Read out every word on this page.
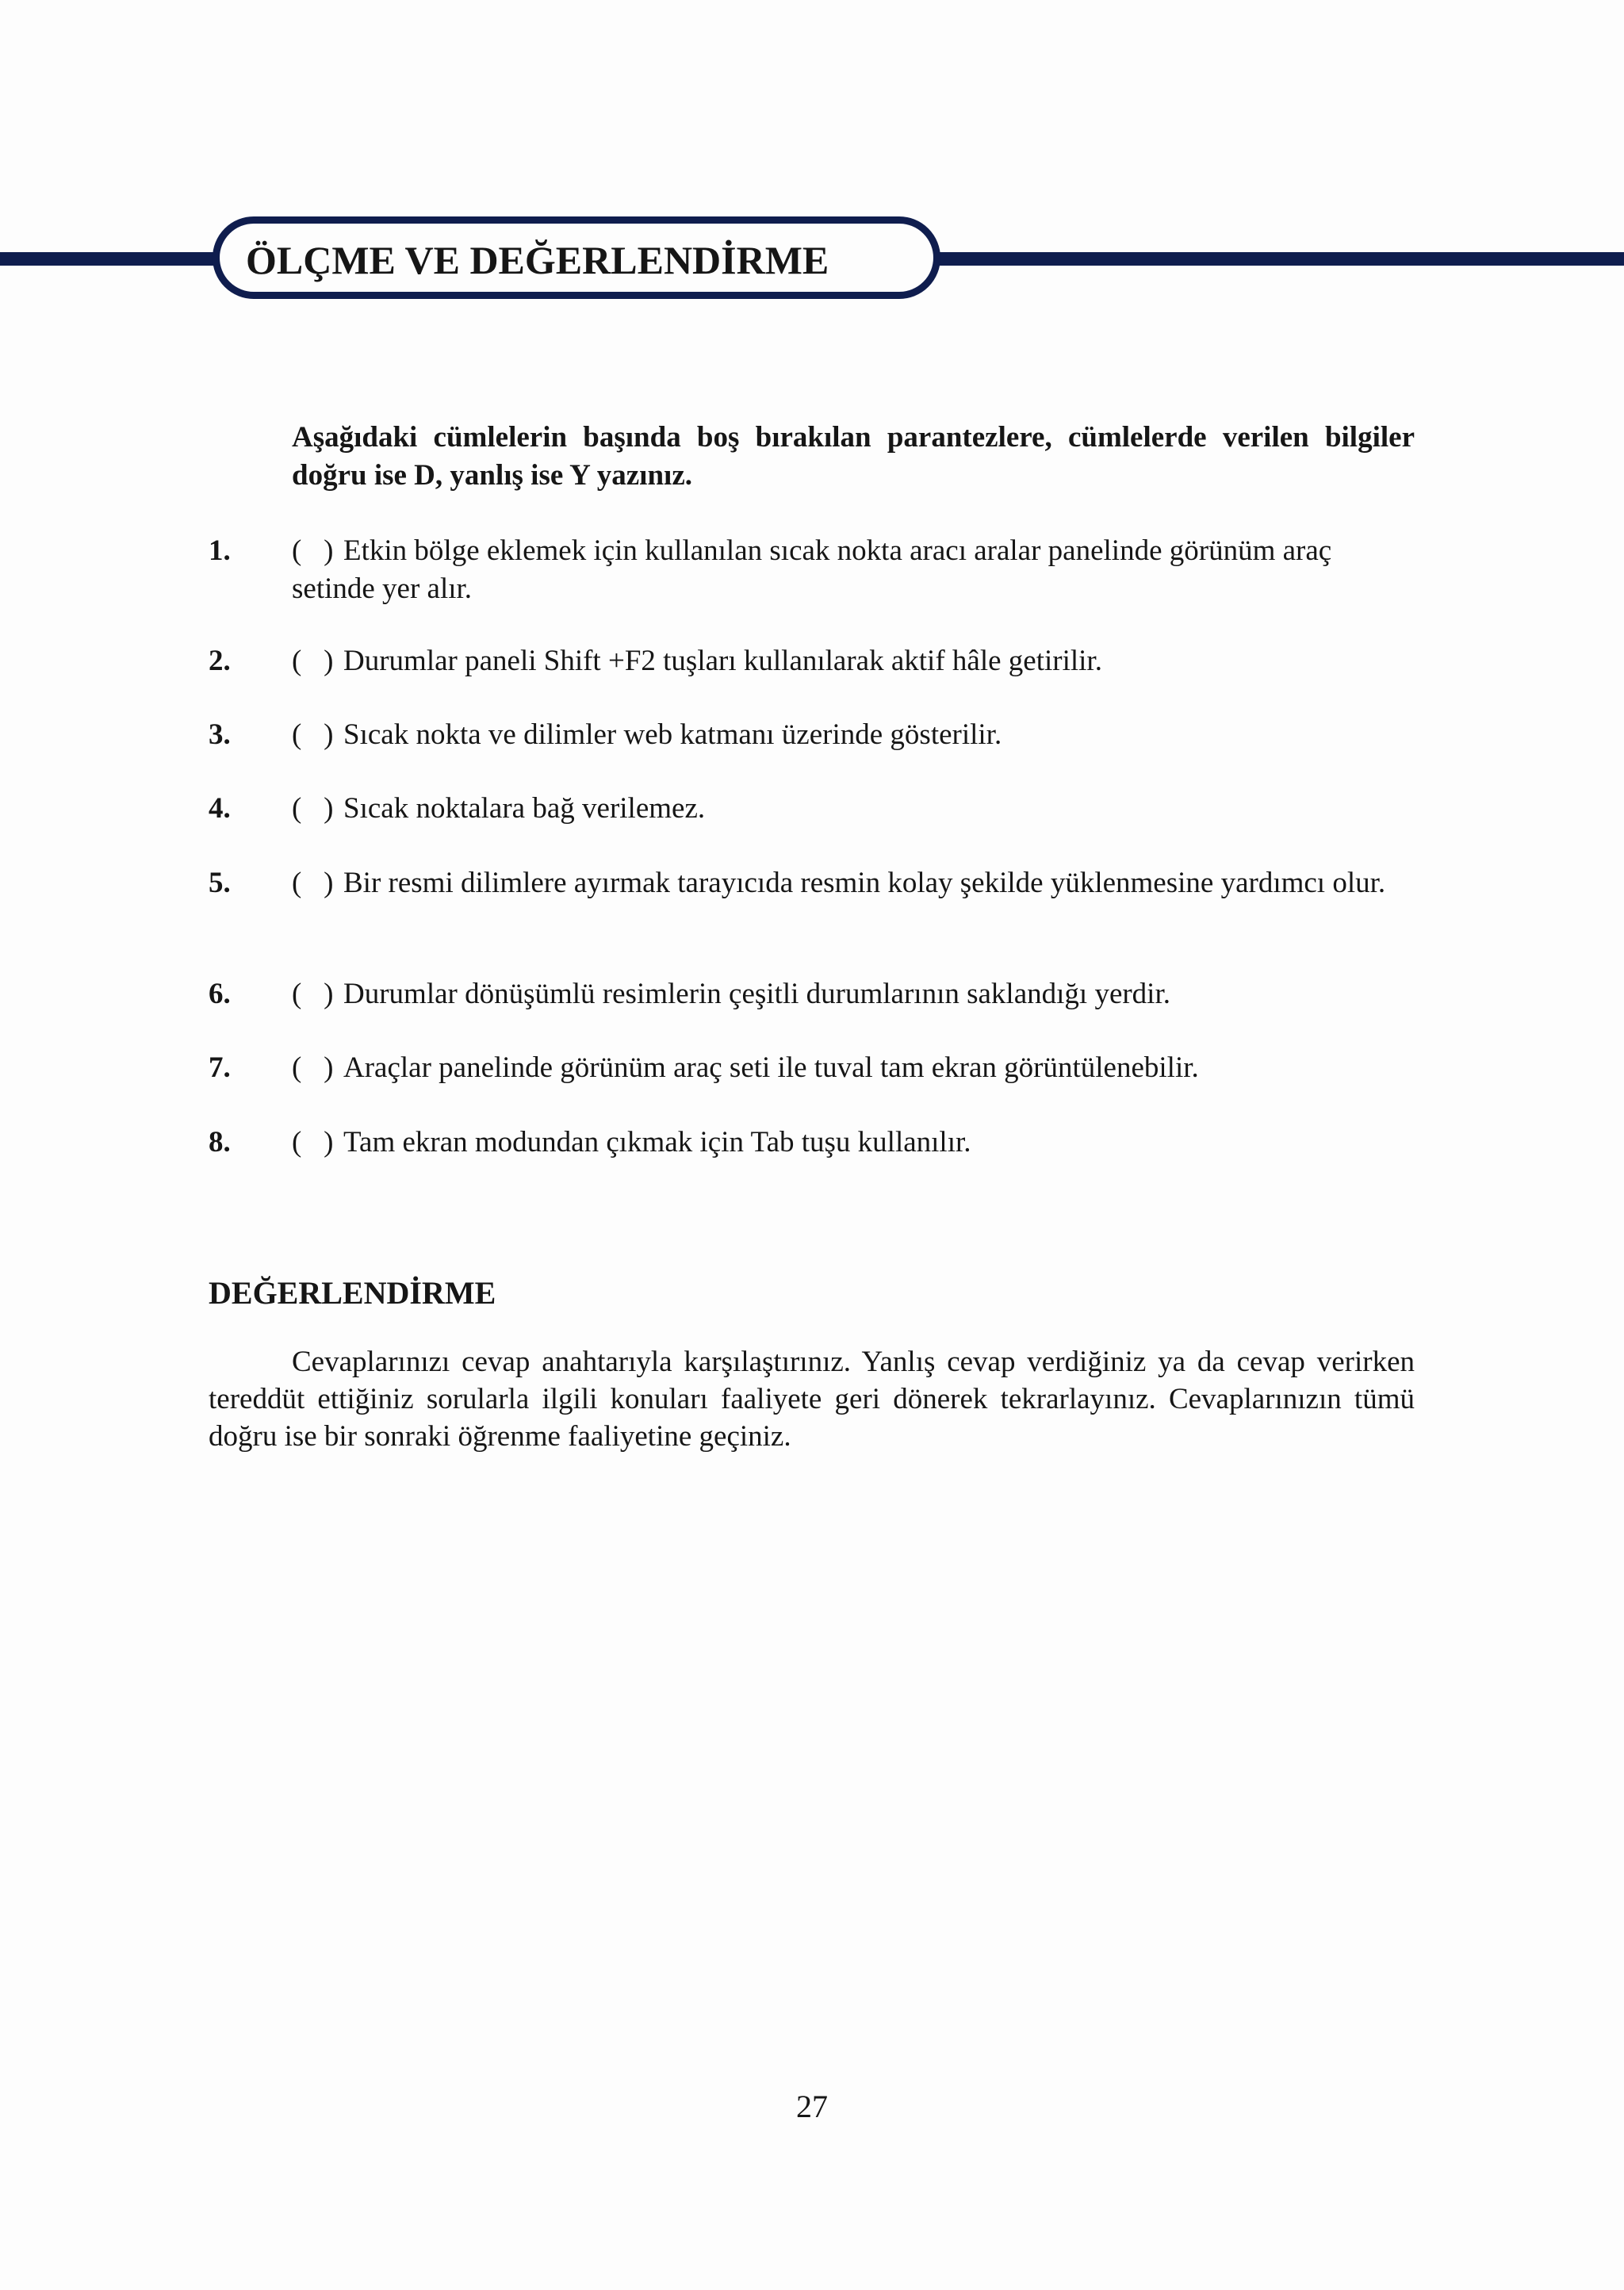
ÖLÇME VE DEĞERLENDİRME
Aşağıdaki cümlelerin başında boş bırakılan parantezlere, cümlelerde verilen bilgiler doğru ise D, yanlış ise Y yazınız.
1. (   ) Etkin bölge eklemek için kullanılan sıcak nokta aracı aralar panelinde görünüm araç setinde yer alır.
2. (   ) Durumlar paneli Shift +F2 tuşları kullanılarak aktif hâle getirilir.
3. (   ) Sıcak nokta ve dilimler web katmanı üzerinde gösterilir.
4. (   ) Sıcak noktalara bağ verilemez.
5. (   ) Bir resmi dilimlere ayırmak tarayıcıda resmin kolay şekilde yüklenmesine yardımcı olur.
6. (   ) Durumlar dönüşümlü resimlerin çeşitli durumlarının saklandığı yerdir.
7. (   ) Araçlar panelinde görünüm araç seti ile tuval tam ekran görüntülenebilir.
8. (   ) Tam ekran modundan çıkmak için Tab tuşu kullanılır.
DEĞERLENDİRME
Cevaplarınızı cevap anahtarıyla karşılaştırınız. Yanlış cevap verdiğiniz ya da cevap verirken tereddüt ettiğiniz sorularla ilgili konuları faaliyete geri dönerek tekrarlayınız. Cevaplarınızın tümü doğru ise bir sonraki öğrenme faaliyetine geçiniz.
27
